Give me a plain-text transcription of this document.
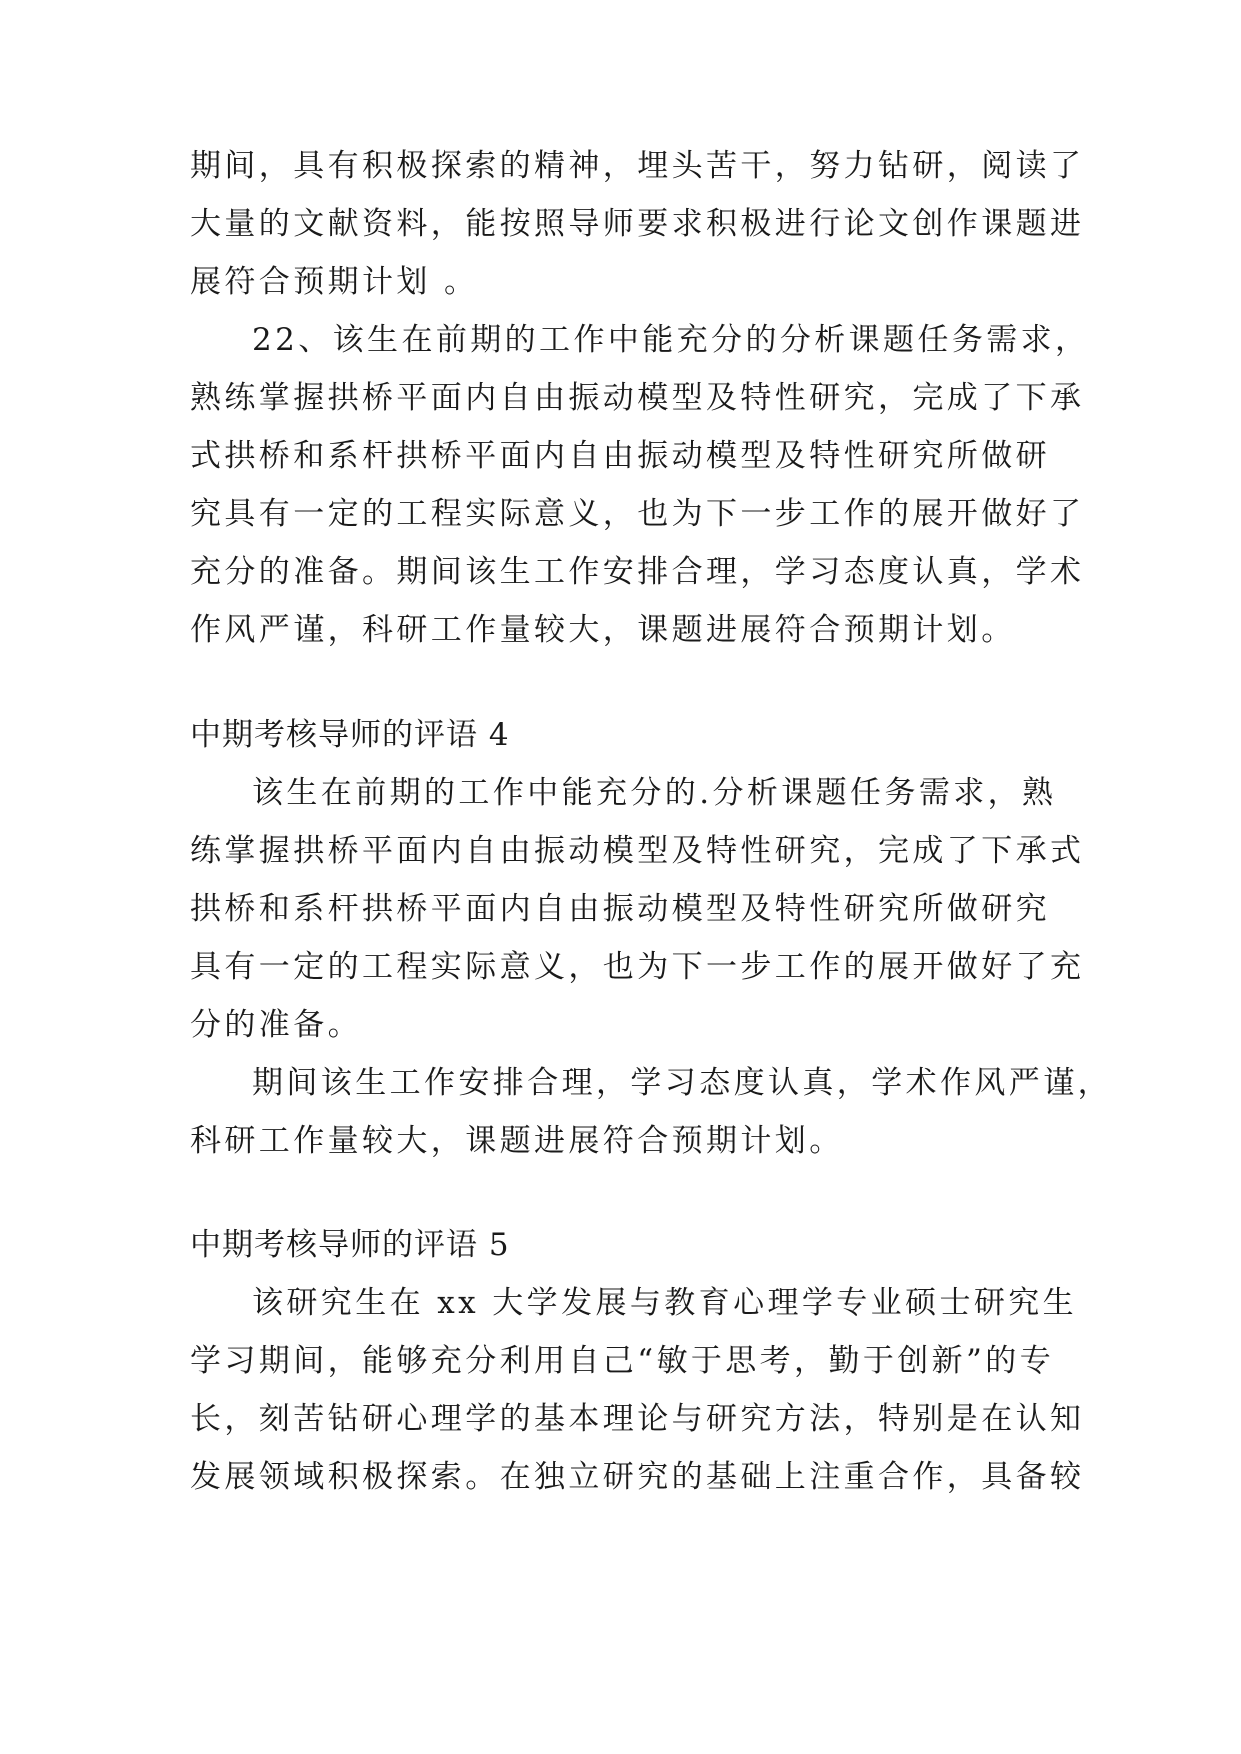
期间，具有积极探索的精神，埋头苦干，努力钻研，阅读了
大量的文献资料，能按照导师要求积极进行论文创作课题进
展符合预期计划 。
22、该生在前期的工作中能充分的分析课题任务需求，
熟练掌握拱桥平面内自由振动模型及特性研究，完成了下承
式拱桥和系杆拱桥平面内自由振动模型及特性研究所做研
究具有一定的工程实际意义，也为下一步工作的展开做好了
充分的准备。期间该生工作安排合理，学习态度认真，学术
作风严谨，科研工作量较大，课题进展符合预期计划。
中期考核导师的评语 4
该生在前期的工作中能充分的.分析课题任务需求，熟
练掌握拱桥平面内自由振动模型及特性研究，完成了下承式
拱桥和系杆拱桥平面内自由振动模型及特性研究所做研究
具有一定的工程实际意义，也为下一步工作的展开做好了充
分的准备。
期间该生工作安排合理，学习态度认真，学术作风严谨，
科研工作量较大，课题进展符合预期计划。
中期考核导师的评语 5
该研究生在 xx 大学发展与教育心理学专业硕士研究生
学习期间，能够充分利用自己“敏于思考，勤于创新”的专
长，刻苦钻研心理学的基本理论与研究方法，特别是在认知
发展领域积极探索。在独立研究的基础上注重合作，具备较
